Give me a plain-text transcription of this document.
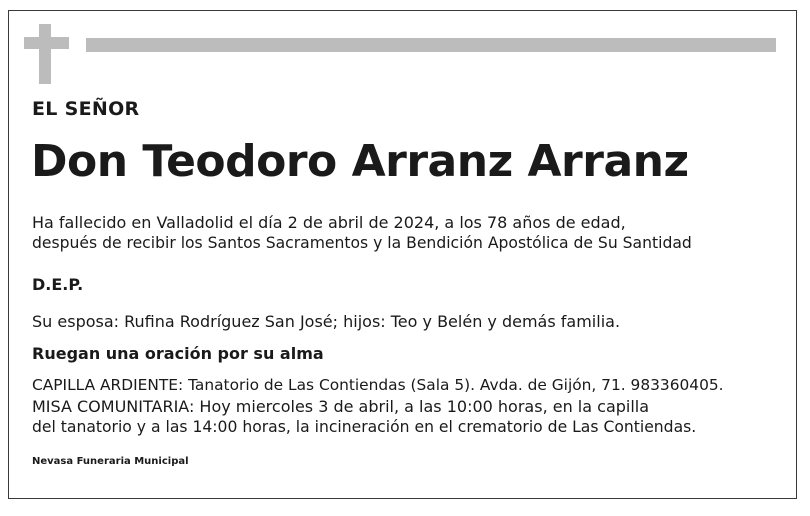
EL SEÑOR
Don Teodoro Arranz Arranz
Ha fallecido en Valladolid el día 2 de abril de 2024, a los 78 años de edad,
después de recibir los Santos Sacramentos y la Bendición Apostólica de Su Santidad
D.E.P.
Su esposa: Rufina Rodríguez San José; hijos: Teo y Belén y demás familia.
Ruegan una oración por su alma
CAPILLA ARDIENTE: Tanatorio de Las Contiendas (Sala 5). Avda. de Gijón, 71. 983360405.
MISA COMUNITARIA: Hoy miercoles 3 de abril, a las 10:00 horas, en la capilla
del tanatorio y a las 14:00 horas, la incineración en el crematorio de Las Contiendas.
Nevasa Funeraria Municipal
